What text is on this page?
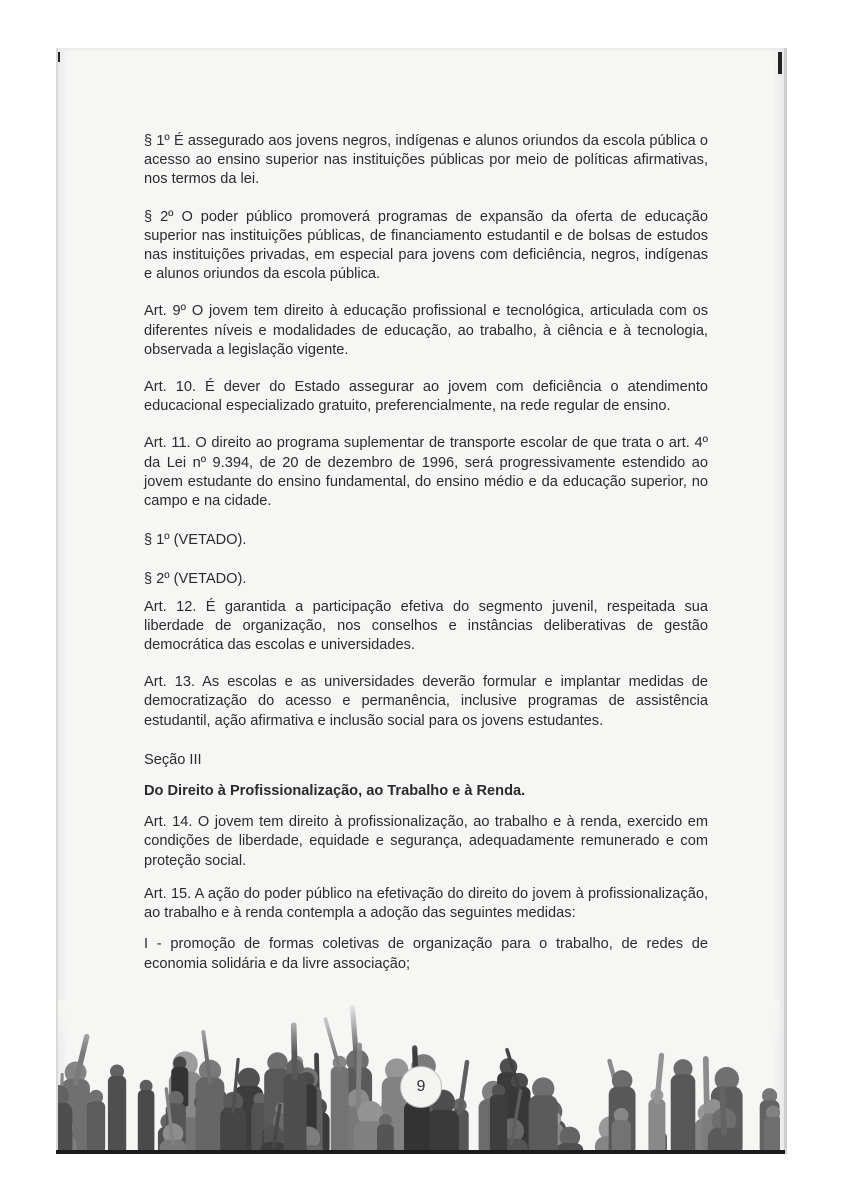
§ 1º É assegurado aos jovens negros, indígenas e alunos oriundos da escola pública o acesso ao ensino superior nas instituições públicas por meio de políticas afirmativas, nos termos da lei.

§ 2º O poder público promoverá programas de expansão da oferta de educação superior nas instituições públicas, de financiamento estudantil e de bolsas de estudos nas instituições privadas, em especial para jovens com deficiência, negros, indígenas e alunos oriundos da escola pública.

Art. 9º O jovem tem direito à educação profissional e tecnológica, articulada com os diferentes níveis e modalidades de educação, ao trabalho, à ciência e à tecnologia, observada a legislação vigente.

Art. 10. É dever do Estado assegurar ao jovem com deficiência o atendimento educacional especializado gratuito, preferencialmente, na rede regular de ensino.

Art. 11. O direito ao programa suplementar de transporte escolar de que trata o art. 4º da Lei nº 9.394, de 20 de dezembro de 1996, será progressivamente estendido ao jovem estudante do ensino fundamental, do ensino médio e da educação superior, no campo e na cidade.

§ 1º (VETADO).

§ 2º (VETADO).

Art. 12. É garantida a participação efetiva do segmento juvenil, respeitada sua liberdade de organização, nos conselhos e instâncias deliberativas de gestão democrática das escolas e universidades.

Art. 13. As escolas e as universidades deverão formular e implantar medidas de democratização do acesso e permanência, inclusive programas de assistência estudantil, ação afirmativa e inclusão social para os jovens estudantes.

Seção III

Do Direito à Profissionalização, ao Trabalho e à Renda.

Art. 14. O jovem tem direito à profissionalização, ao trabalho e à renda, exercido em condições de liberdade, equidade e segurança, adequadamente remunerado e com proteção social.

Art. 15. A ação do poder público na efetivação do direito do jovem à profissionalização, ao trabalho e à renda contempla a adoção das seguintes medidas:

I - promoção de formas coletivas de organização para o trabalho, de redes de economia solidária e da livre associação;

9
